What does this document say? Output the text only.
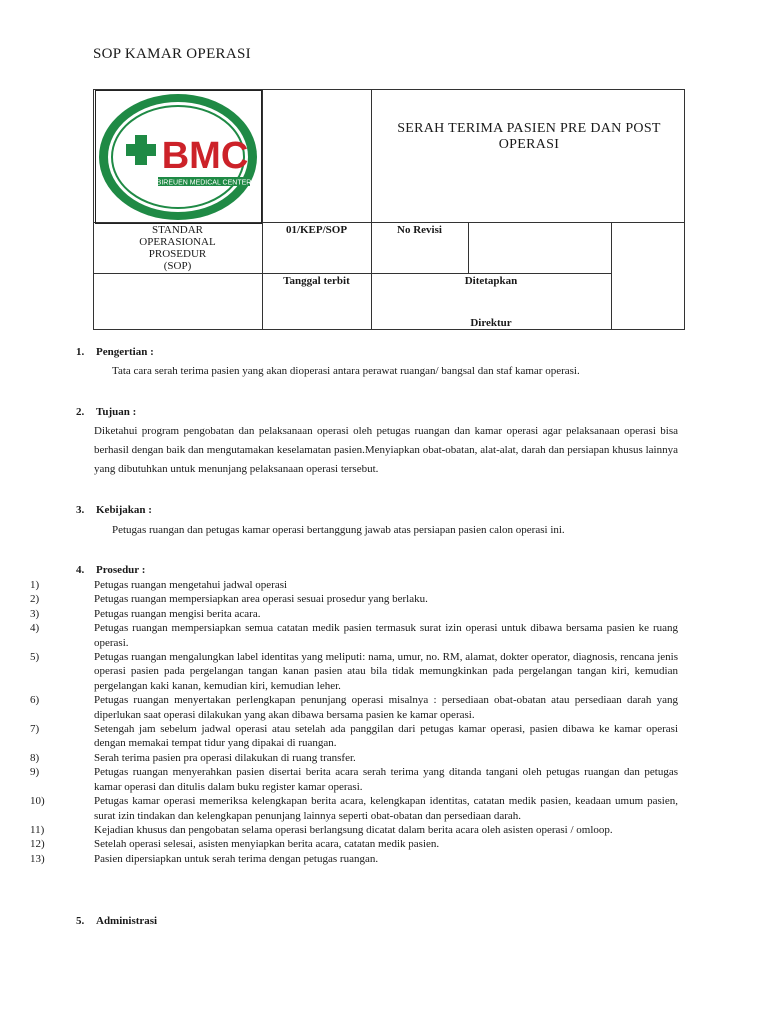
SOP KAMAR OPERASI
BMC
BIREUEN MEDICAL CENTER
SERAH TERIMA PASIEN PRE DAN POST OPERASI
STANDAR
OPERASIONAL
PROSEDUR
(SOP)
01/KEP/SOP	No Revisi
Tanggal terbit	Ditetapkan
Direktur
1. Pengertian :
Tata cara serah terima pasien yang akan dioperasi antara perawat ruangan/ bangsal dan staf kamar operasi.
2. Tujuan :
Diketahui program pengobatan dan pelaksanaan operasi oleh petugas ruangan dan kamar operasi agar pelaksanaan operasi bisa berhasil dengan baik dan mengutamakan keselamatan pasien.Menyiapkan obat-obatan, alat-alat, darah dan persiapan khusus lainnya yang dibutuhkan untuk menunjang pelaksanaan operasi tersebut.
3. Kebijakan :
Petugas ruangan dan petugas kamar operasi bertanggung jawab atas persiapan pasien calon operasi ini.
4. Prosedur :
1)	Petugas ruangan mengetahui jadwal operasi
2)	Petugas ruangan mempersiapkan area operasi sesuai prosedur yang berlaku.
3)	Petugas ruangan mengisi berita acara.
4)	Petugas ruangan mempersiapkan semua catatan medik pasien termasuk surat izin operasi untuk dibawa bersama pasien ke ruang operasi.
5)	Petugas ruangan mengalungkan label identitas yang meliputi: nama, umur, no. RM, alamat, dokter operator, diagnosis, rencana jenis operasi pasien pada pergelangan tangan kanan pasien atau bila tidak memungkinkan pada pergelangan tangan kiri, kemudian pergelangan kaki kanan, kemudian kiri, kemudian leher.
6)	Petugas ruangan menyertakan perlengkapan penunjang operasi misalnya : persediaan obat-obatan atau persediaan darah yang diperlukan saat operasi dilakukan yang akan dibawa bersama pasien ke kamar operasi.
7)	Setengah jam sebelum jadwal operasi atau setelah ada panggilan dari petugas kamar operasi, pasien dibawa ke kamar operasi dengan memakai tempat tidur yang dipakai di ruangan.
8)	Serah terima pasien pra operasi dilakukan di ruang transfer.
9)	Petugas ruangan menyerahkan pasien disertai berita acara serah terima yang ditanda tangani oleh petugas ruangan dan petugas kamar operasi dan ditulis dalam buku register kamar operasi.
10)	Petugas kamar operasi memeriksa kelengkapan berita acara, kelengkapan identitas, catatan medik pasien, keadaan umum pasien, surat izin tindakan dan kelengkapan penunjang lainnya seperti obat-obatan dan persediaan darah.
11)	Kejadian khusus dan pengobatan selama operasi berlangsung dicatat dalam berita acara oleh asisten operasi / omloop.
12)	Setelah operasi selesai, asisten menyiapkan berita acara, catatan medik pasien.
13)	Pasien dipersiapkan untuk serah terima dengan petugas ruangan.
5. Administrasi
